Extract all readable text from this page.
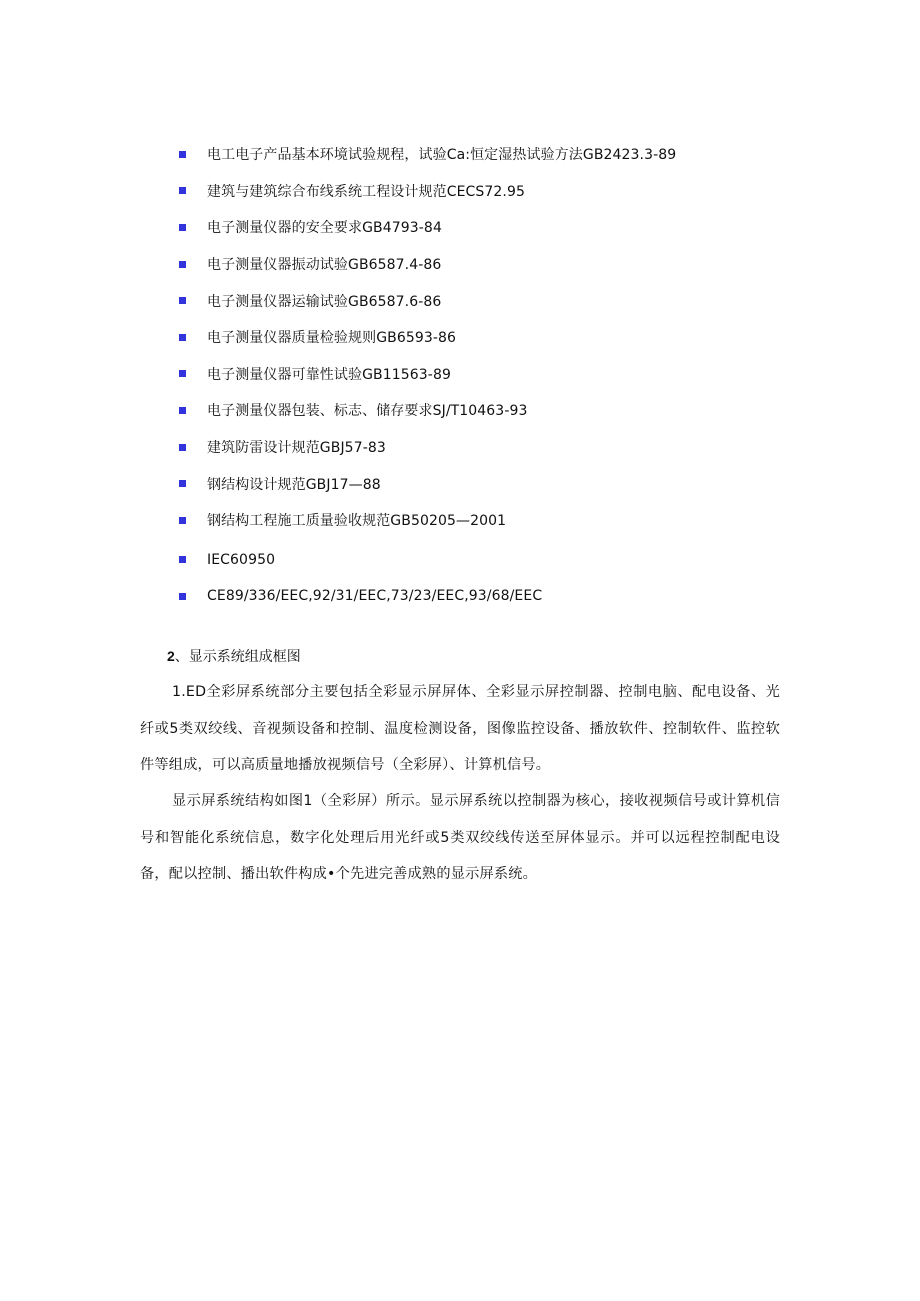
电工电子产品基本环境试验规程，试验Ca:恒定湿热试验方法GB2423.3-89
建筑与建筑综合布线系统工程设计规范CECS72.95
电子测量仪器的安全要求GB4793-84
电子测量仪器振动试验GB6587.4-86
电子测量仪器运输试验GB6587.6-86
电子测量仪器质量检验规则GB6593-86
电子测量仪器可靠性试验GB11563-89
电子测量仪器包装、标志、储存要求SJ/T10463-93
建筑防雷设计规范GBJ57-83
钢结构设计规范GBJ17—88
钢结构工程施工质量验收规范GB50205—2001
IEC60950
CE89/336/EEC,92/31/EEC,73/23/EEC,93/68/EEC
2、显示系统组成框图

1.ED全彩屏系统部分主要包括全彩显示屏屏体、全彩显示屏控制器、控制电脑、配电设备、光纤或5类双绞线、音视频设备和控制、温度检测设备，图像监控设备、播放软件、控制软件、监控软件等组成，可以高质量地播放视频信号（全彩屏）、计算机信号。

显示屏系统结构如图1（全彩屏）所示。显示屏系统以控制器为核心，接收视频信号或计算机信号和智能化系统信息，数字化处理后用光纤或5类双绞线传送至屏体显示。并可以远程控制配电设备，配以控制、播出软件构成•个先进完善成熟的显示屏系统。
